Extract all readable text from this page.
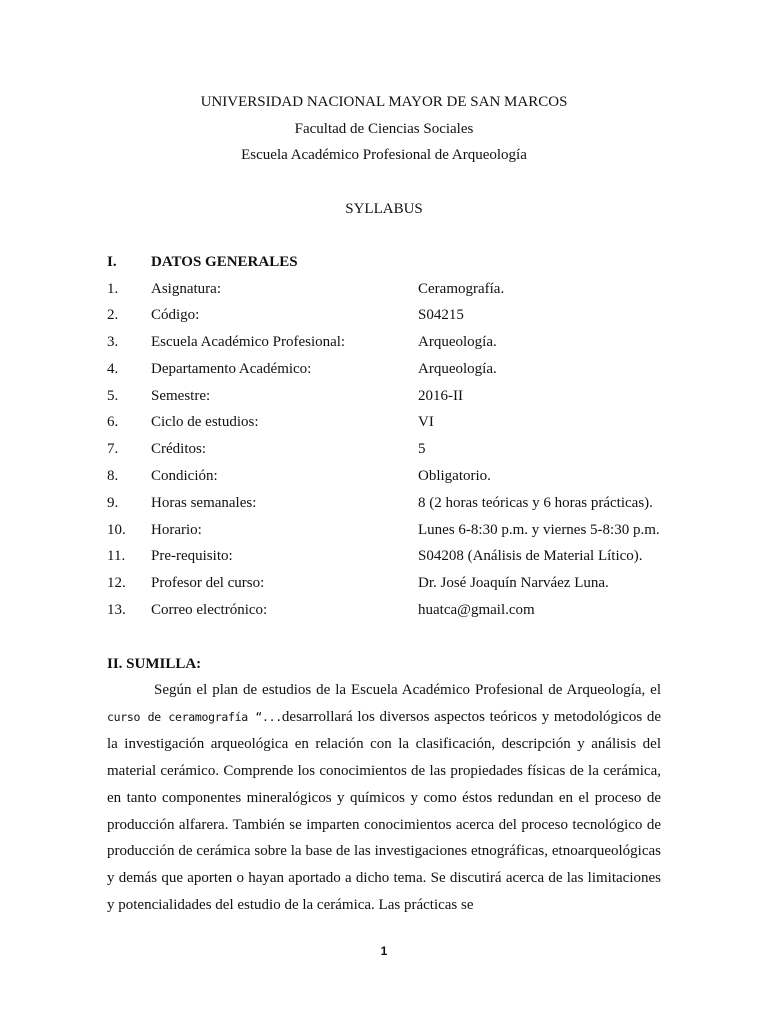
UNIVERSIDAD NACIONAL MAYOR DE SAN MARCOS
Facultad de Ciencias Sociales
Escuela Académico Profesional de Arqueología
SYLLABUS
I. DATOS GENERALES
1. Asignatura:	Ceramografía.
2. Código:	S04215
3. Escuela Académico Profesional:	Arqueología.
4. Departamento Académico:	Arqueología.
5. Semestre:	2016-II
6. Ciclo de estudios:	VI
7. Créditos:	5
8. Condición:	Obligatorio.
9. Horas semanales:	8 (2 horas teóricas y 6 horas prácticas).
10. Horario:	Lunes 6-8:30 p.m. y viernes 5-8:30 p.m.
11. Pre-requisito:	S04208 (Análisis de Material Lítico).
12. Profesor del curso:	Dr. José Joaquín Narváez Luna.
13. Correo electrónico:	huatca@gmail.com
II. SUMILLA:

Según el plan de estudios de la Escuela Académico Profesional de Arqueología, el curso de ceramografía “...desarrollará los diversos aspectos teóricos y metodológicos de la investigación arqueológica en relación con la clasificación, descripción y análisis del material cerámico. Comprende los conocimientos de las propiedades físicas de la cerámica, en tanto componentes mineralógicos y químicos y como éstos redundan en el proceso de producción alfarera. También se imparten conocimientos acerca del proceso tecnológico de producción de cerámica sobre la base de las investigaciones etnográficas, etnoarqueológicas y demás que aporten o hayan aportado a dicho tema. Se discutirá acerca de las limitaciones y potencialidades del estudio de la cerámica. Las prácticas se

1
